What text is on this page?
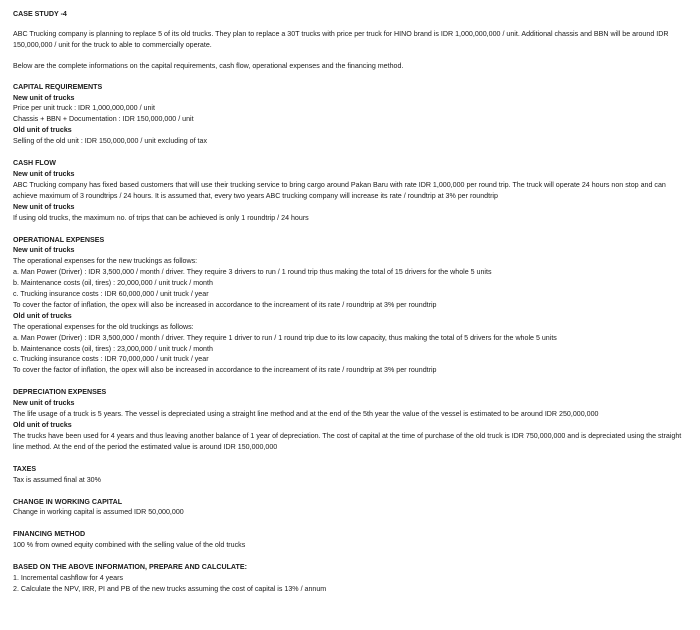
CASE STUDY -4

ABC Trucking company is planning to replace 5 of its old trucks. They plan to replace a 30T trucks with price per truck for HINO brand is IDR 1,000,000,000 / unit. Additional chassis and BBN will be around IDR 150,000,000 / unit for the truck to able to commercially operate.

Below are the complete informations on the capital requirements, cash flow, operational expenses and the financing method.

CAPITAL REQUIREMENTS

New unit of trucks

Price per unit truck : IDR 1,000,000,000 / unit

Chassis + BBN + Documentation : IDR 150,000,000 / unit

Old unit of trucks

Selling of the old unit : IDR 150,000,000 / unit excluding of tax

CASH FLOW

New unit of trucks

ABC Trucking company has fixed based customers that will use their trucking service to bring cargo around Pakan Baru with rate IDR 1,000,000 per round trip. The truck will operate 24 hours non stop and can achieve maximum of 3 roundtrips / 24 hours. It is assumed that, every two years ABC trucking company will increase its rate / roundtrip at 3% per roundtrip

New unit of trucks

If using old trucks, the maximum no. of trips that can be achieved is only 1 roundtrip / 24 hours

OPERATIONAL EXPENSES

New unit of trucks

The operational expenses for the new truckings as follows:

a. Man Power (Driver) : IDR 3,500,000 / month / driver. They require 3 drivers to run / 1 round trip thus making the total of 15 drivers for the whole 5 units

b. Maintenance costs (oil, tires) : 20,000,000 / unit truck / month

c. Trucking insurance costs : IDR 60,000,000 / unit truck / year

To cover the factor of inflation, the opex will also be increased in accordance to the increament of its rate / roundtrip at 3% per roundtrip

Old unit of trucks

The operational expenses for the old truckings as follows:

a. Man Power (Driver) : IDR 3,500,000 / month / driver. They require 1 driver to run / 1 round trip due to its low capacity, thus making the total of 5 drivers for the whole 5 units

b. Maintenance costs (oil, tires) : 23,000,000 / unit truck / month

c. Trucking insurance costs : IDR 70,000,000 / unit truck / year

To cover the factor of inflation, the opex will also be increased in accordance to the increament of its rate / roundtrip at 3% per roundtrip

DEPRECIATION EXPENSES

New unit of trucks

The life usage of a truck is 5 years. The vessel is depreciated using a straight line method and at the end of the 5th year the value of the vessel is estimated to be around IDR 250,000,000

Old unit of trucks

The trucks have been used for 4 years and thus leaving another balance of 1 year of depreciation. The cost of capital at the time of purchase of the old truck is IDR 750,000,000 and is depreciated using the straight line method. At the end of the period the estimated value is around IDR 150,000,000

TAXES

Tax is assumed final at 30%

CHANGE IN WORKING CAPITAL

Change in working capital is assumed IDR 50,000,000

FINANCING METHOD

100 % from owned equity combined with the selling value of the old trucks

BASED ON THE ABOVE INFORMATION, PREPARE AND CALCULATE:

1. Incremental cashflow for 4 years

2. Calculate the NPV, IRR, PI and PB of the new trucks assuming the cost of capital is 13% / annum
